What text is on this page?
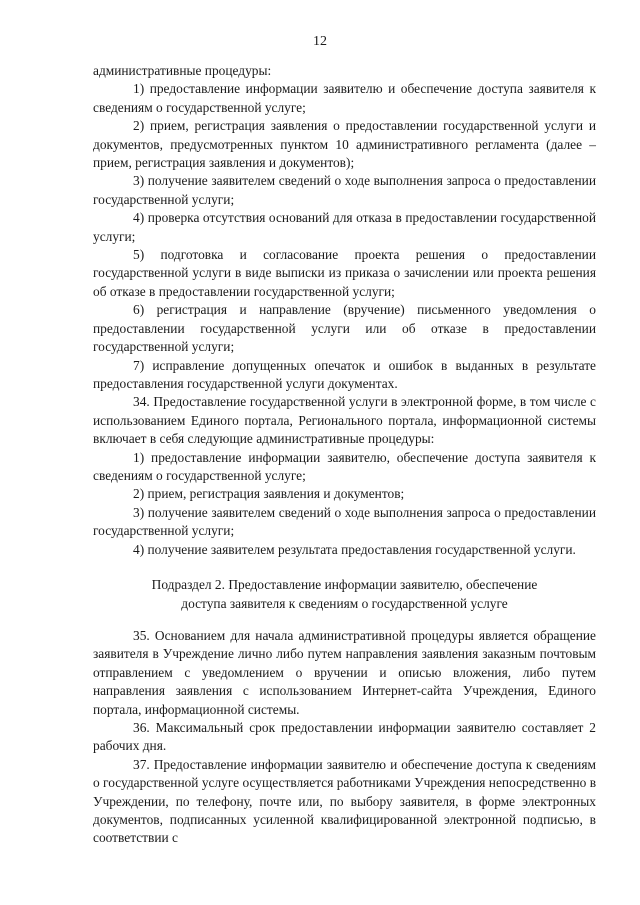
12

административные процедуры:

1) предоставление информации заявителю и обеспечение доступа заявителя к сведениям о государственной услуге;

2) прием, регистрация заявления о предоставлении государственной услуги и документов, предусмотренных пунктом 10 административного регламента (далее – прием, регистрация заявления и документов);

3) получение заявителем сведений о ходе выполнения запроса о предоставлении государственной услуги;

4) проверка отсутствия оснований для отказа в предоставлении государственной услуги;

5) подготовка и согласование проекта решения о предоставлении государственной услуги в виде выписки из приказа о зачислении или проекта решения об отказе в предоставлении государственной услуги;

6) регистрация и направление (вручение) письменного уведомления о предоставлении государственной услуги или об отказе в предоставлении государственной услуги;

7) исправление допущенных опечаток и ошибок в выданных в результате предоставления государственной услуги документах.

34. Предоставление государственной услуги в электронной форме, в том числе с использованием Единого портала, Регионального портала, информационной системы включает в себя следующие административные процедуры:

1) предоставление информации заявителю, обеспечение доступа заявителя к сведениям о государственной услуге;

2) прием, регистрация заявления и документов;

3) получение заявителем сведений о ходе выполнения запроса о предоставлении государственной услуги;

4) получение заявителем результата предоставления государственной услуги.

Подраздел 2. Предоставление информации заявителю, обеспечение
доступа заявителя к сведениям о государственной услуге

35. Основанием для начала административной процедуры является обращение заявителя в Учреждение лично либо путем направления заявления заказным почтовым отправлением с уведомлением о вручении и описью вложения, либо путем направления заявления с использованием Интернет-сайта Учреждения, Единого портала, информационной системы.

36. Максимальный срок предоставлении информации заявителю составляет 2 рабочих дня.

37. Предоставление информации заявителю и обеспечение доступа к сведениям о государственной услуге осуществляется работниками Учреждения непосредственно в Учреждении, по телефону, почте или, по выбору заявителя, в форме электронных документов, подписанных усиленной квалифицированной электронной подписью, в соответствии с
